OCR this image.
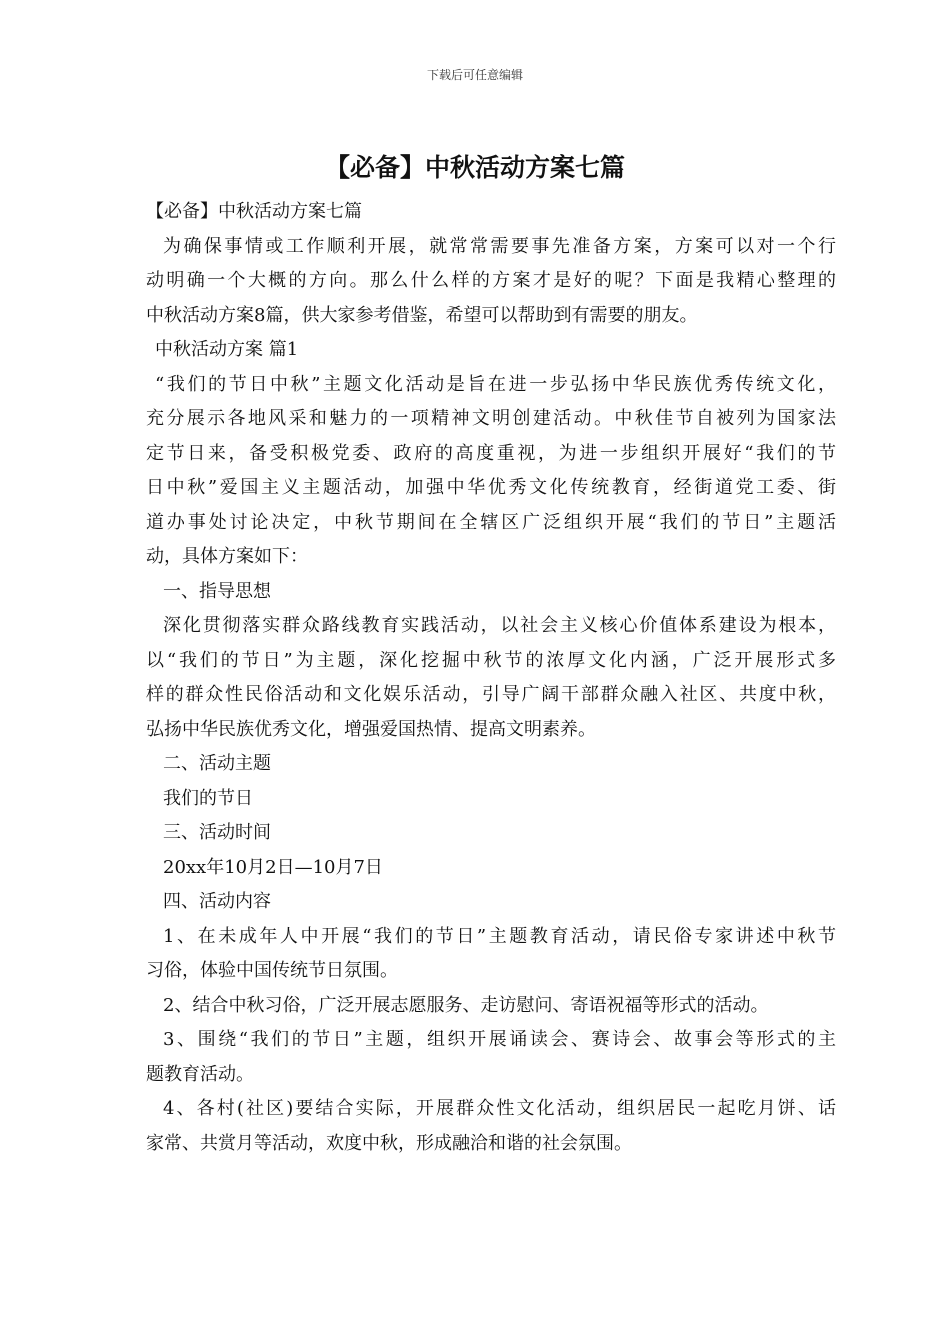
下载后可任意编辑
【必备】中秋活动方案七篇

【必备】中秋活动方案七篇

为确保事情或工作顺利开展，就常常需要事先准备方案，方案可以对一个行

动明确一个大概的方向。那么什么样的方案才是好的呢？下面是我精心整理的

中秋活动方案8篇，供大家参考借鉴，希望可以帮助到有需要的朋友。

中秋活动方案 篇1

“我们的节日中秋”主题文化活动是旨在进一步弘扬中华民族优秀传统文化，

充分展示各地风采和魅力的一项精神文明创建活动。中秋佳节自被列为国家法

定节日来，备受积极党委、政府的高度重视，为进一步组织开展好“我们的节

日中秋”爱国主义主题活动，加强中华优秀文化传统教育，经街道党工委、街

道办事处讨论决定，中秋节期间在全辖区广泛组织开展“我们的节日”主题活

动，具体方案如下：

一、指导思想

深化贯彻落实群众路线教育实践活动，以社会主义核心价值体系建设为根本，

以“我们的节日”为主题，深化挖掘中秋节的浓厚文化内涵，广泛开展形式多

样的群众性民俗活动和文化娱乐活动，引导广阔干部群众融入社区、共度中秋，

弘扬中华民族优秀文化，增强爱国热情、提高文明素养。

二、活动主题

我们的节日

三、活动时间

20xx年10月2日—10月7日

四、活动内容

1、在未成年人中开展“我们的节日”主题教育活动，请民俗专家讲述中秋节

习俗，体验中国传统节日氛围。

2、结合中秋习俗，广泛开展志愿服务、走访慰问、寄语祝福等形式的活动。

3、围绕“我们的节日”主题，组织开展诵读会、赛诗会、故事会等形式的主

题教育活动。

4、各村(社区)要结合实际，开展群众性文化活动，组织居民一起吃月饼、话

家常、共赏月等活动，欢度中秋，形成融洽和谐的社会氛围。
